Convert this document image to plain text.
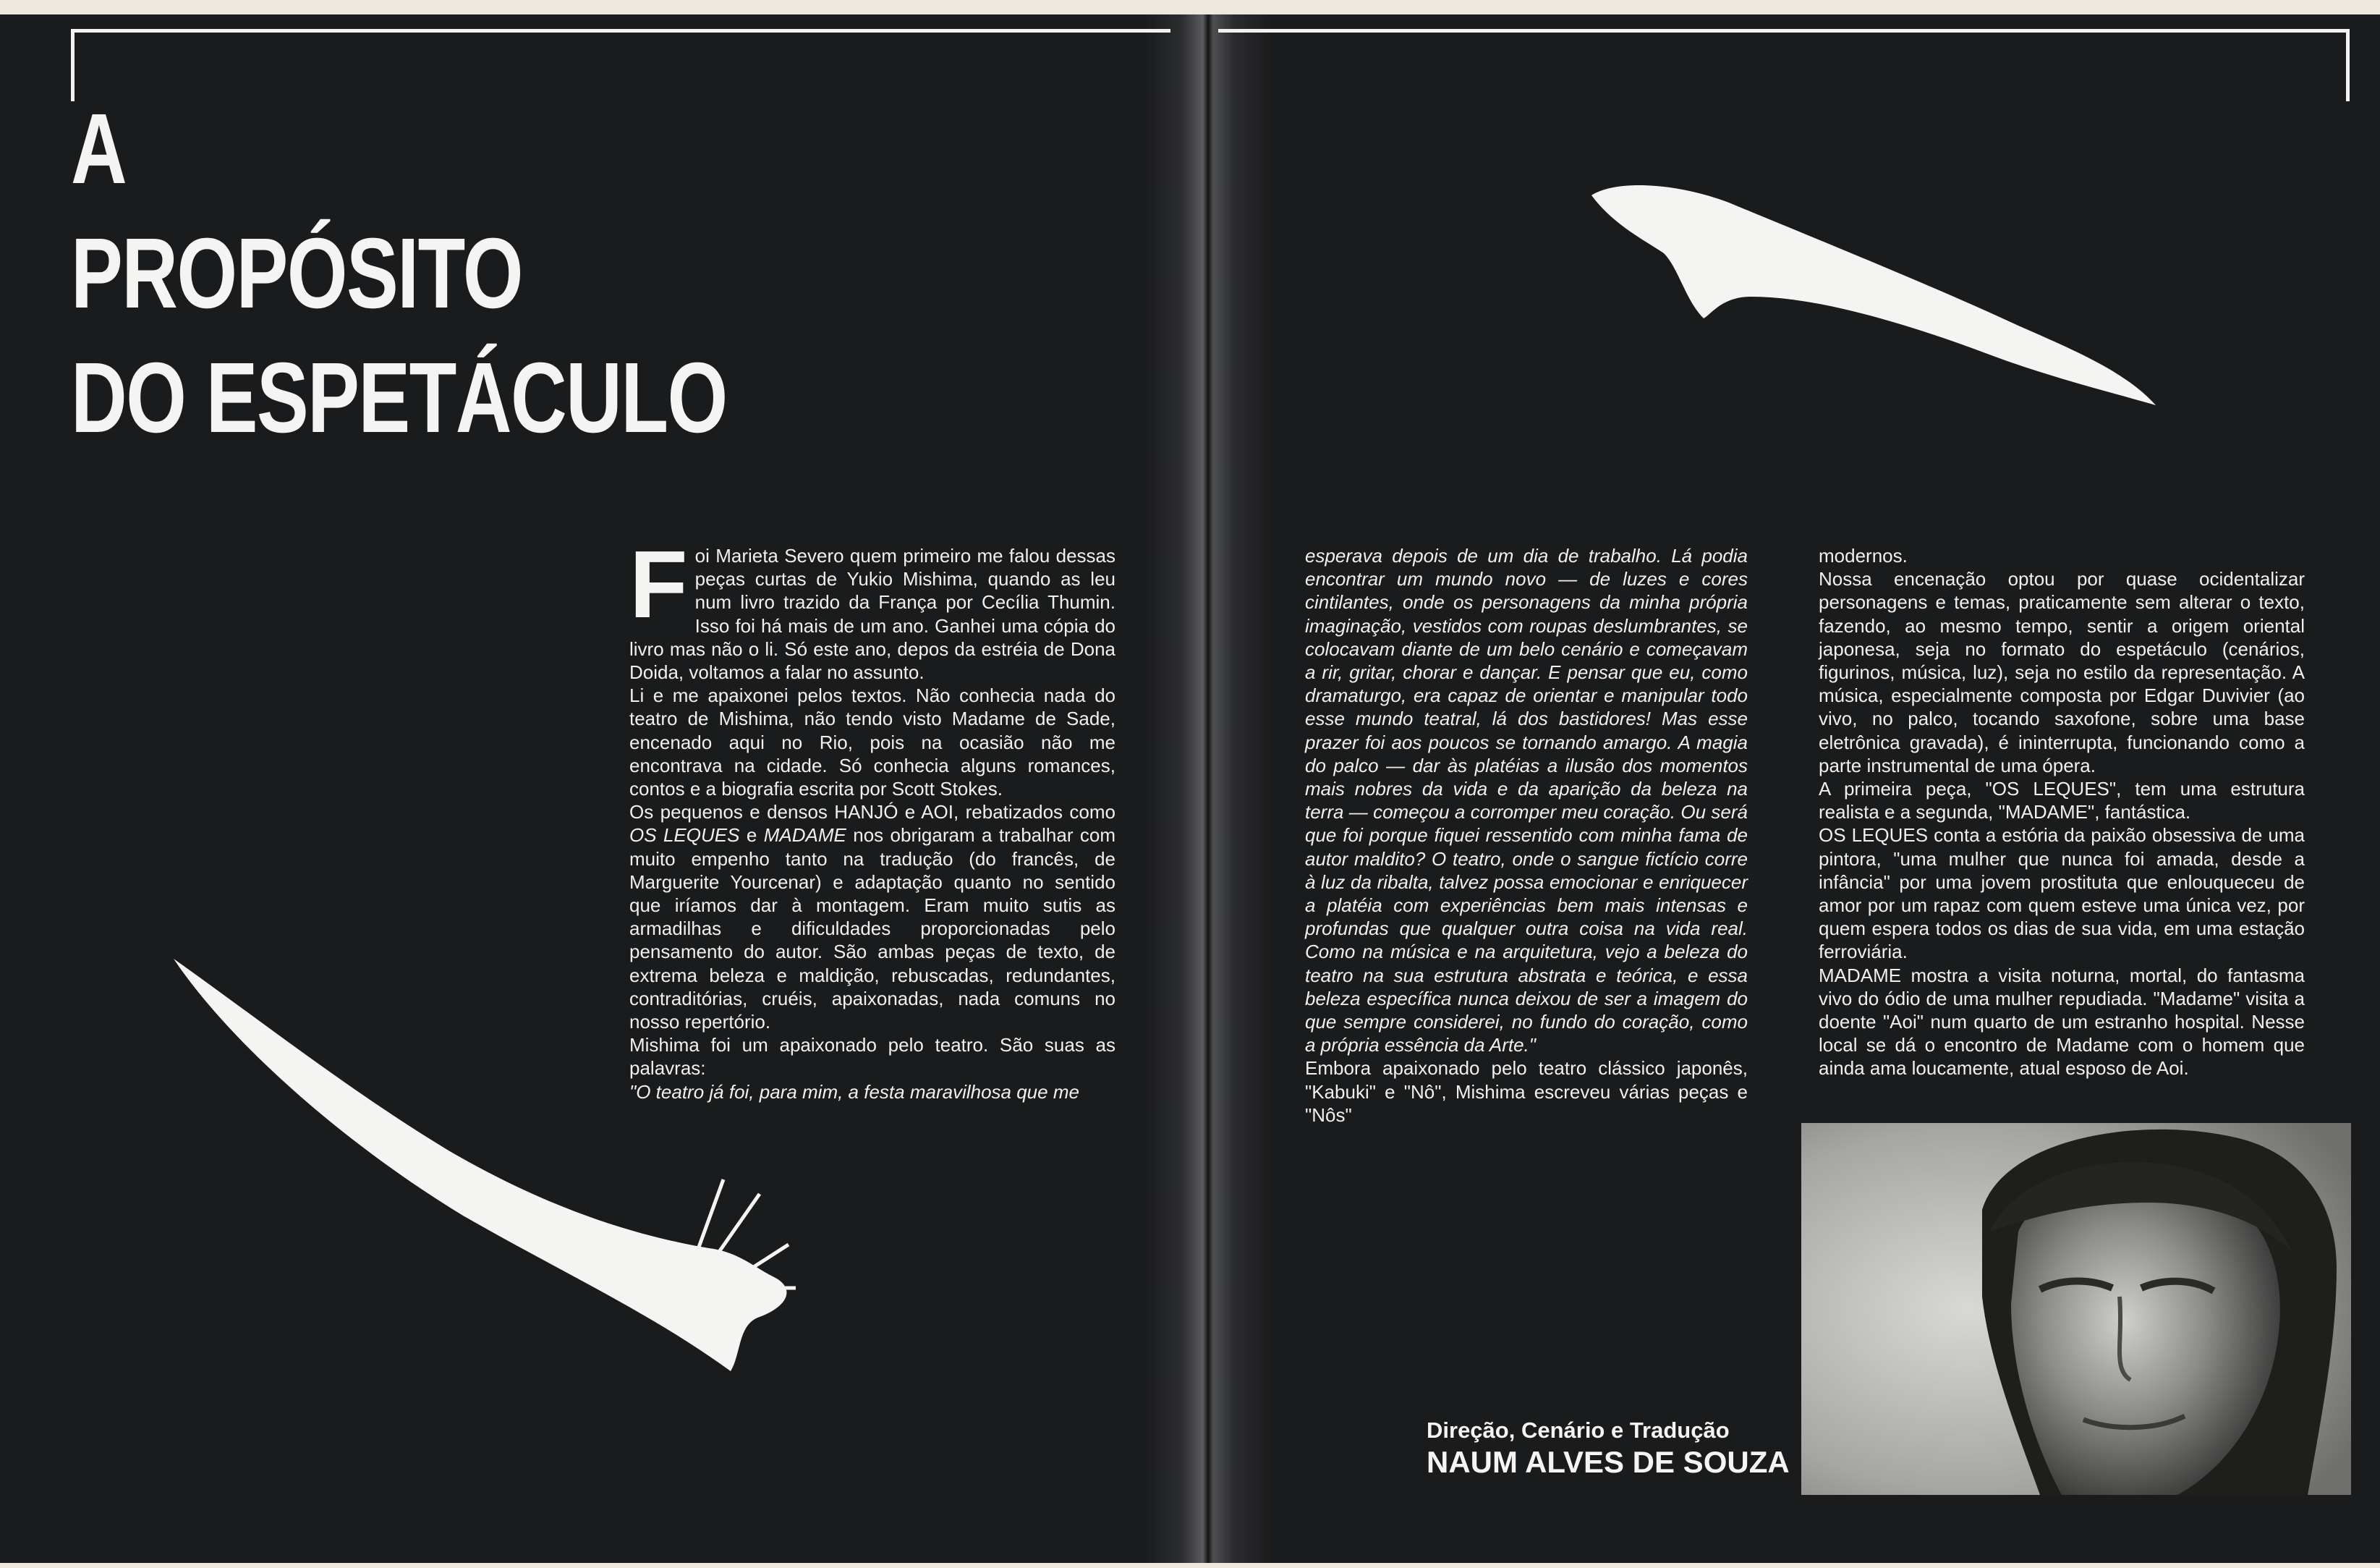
A
PROPÓSITO
DO ESPETÁCULO
F oi Marieta Severo quem primeiro me falou dessas peças curtas de Yukio Mishima, quando as leu num livro trazido da França por Cecília Thumin. Isso foi há mais de um ano. Ganhei uma cópia do livro mas não o li. Só este ano, depos da estréia de Dona Doida, voltamos a falar no assunto.

Li e me apaixonei pelos textos. Não conhecia nada do teatro de Mishima, não tendo visto Madame de Sade, encenado aqui no Rio, pois na ocasião não me encontrava na cidade. Só conhecia alguns romances, contos e a biografia escrita por Scott Stokes.

Os pequenos e densos HANJÓ e AOI, rebatizados como OS LEQUES e MADAME nos obrigaram a trabalhar com muito empenho tanto na tradução (do francês, de Marguerite Yourcenar) e adaptação quanto no sentido que iríamos dar à montagem. Eram muito sutis as armadilhas e dificuldades proporcionadas pelo pensamento do autor. São ambas peças de texto, de extrema beleza e maldição, rebuscadas, redundantes, contraditórias, cruéis, apaixonadas, nada comuns no nosso repertório.

Mishima foi um apaixonado pelo teatro. São suas as palavras:

"O teatro já foi, para mim, a festa maravilhosa que me

esperava depois de um dia de trabalho. Lá podia encontrar um mundo novo — de luzes e cores cintilantes, onde os personagens da minha própria imaginação, vestidos com roupas deslumbrantes, se colocavam diante de um belo cenário e começavam a rir, gritar, chorar e dançar. E pensar que eu, como dramaturgo, era capaz de orientar e manipular todo esse mundo teatral, lá dos bastidores! Mas esse prazer foi aos poucos se tornando amargo. A magia do palco — dar às platéias a ilusão dos momentos mais nobres da vida e da aparição da beleza na terra — começou a corromper meu coração. Ou será que foi porque fiquei ressentido com minha fama de autor maldito? O teatro, onde o sangue fictício corre à luz da ribalta, talvez possa emocionar e enriquecer a platéia com experiências bem mais intensas e profundas que qualquer outra coisa na vida real. Como na música e na arquitetura, vejo a beleza do teatro na sua estrutura abstrata e teórica, e essa beleza específica nunca deixou de ser a imagem do que sempre considerei, no fundo do coração, como a própria essência da Arte."

Embora apaixonado pelo teatro clássico japonês, "Kabuki" e "Nô", Mishima escreveu várias peças e "Nôs"

modernos.

Nossa encenação optou por quase ocidentalizar personagens e temas, praticamente sem alterar o texto, fazendo, ao mesmo tempo, sentir a origem oriental japonesa, seja no formato do espetáculo (cenários, figurinos, música, luz), seja no estilo da representação. A música, especialmente composta por Edgar Duvivier (ao vivo, no palco, tocando saxofone, sobre uma base eletrônica gravada), é ininterrupta, funcionando como a parte instrumental de uma ópera.

A primeira peça, "OS LEQUES", tem uma estrutura realista e a segunda, "MADAME", fantástica.

OS LEQUES conta a estória da paixão obsessiva de uma pintora, "uma mulher que nunca foi amada, desde a infância" por uma jovem prostituta que enlouqueceu de amor por um rapaz com quem esteve uma única vez, por quem espera todos os dias de sua vida, em uma estação ferroviária.

MADAME mostra a visita noturna, mortal, do fantasma vivo do ódio de uma mulher repudiada. "Madame" visita a doente "Aoi" num quarto de um estranho hospital. Nesse local se dá o encontro de Madame com o homem que ainda ama loucamente, atual esposo de Aoi.

Direção, Cenário e Tradução
NAUM ALVES DE SOUZA
